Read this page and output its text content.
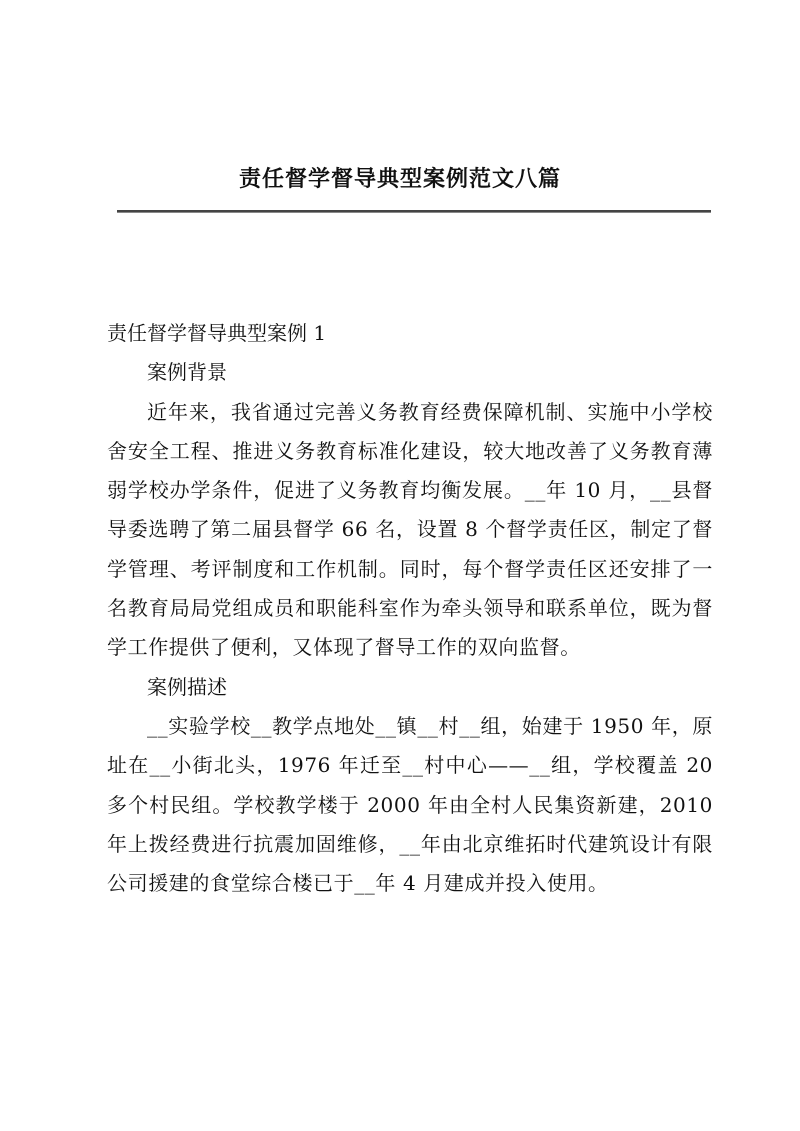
责任督学督导典型案例范文八篇

责任督学督导典型案例 1

案例背景

近年来，我省通过完善义务教育经费保障机制、实施中小学校舍安全工程、推进义务教育标准化建设，较大地改善了义务教育薄弱学校办学条件，促进了义务教育均衡发展。__年 10 月，__县督导委选聘了第二届县督学 66 名，设置 8 个督学责任区，制定了督学管理、考评制度和工作机制。同时，每个督学责任区还安排了一名教育局局党组成员和职能科室作为牵头领导和联系单位，既为督学工作提供了便利，又体现了督导工作的双向监督。

案例描述

__实验学校__教学点地处__镇__村__组，始建于 1950 年，原址在__小街北头，1976 年迁至__村中心——__组，学校覆盖 20 多个村民组。学校教学楼于 2000 年由全村人民集资新建，2010 年上拨经费进行抗震加固维修，__年由北京维拓时代建筑设计有限公司援建的食堂综合楼已于__年 4 月建成并投入使用。
